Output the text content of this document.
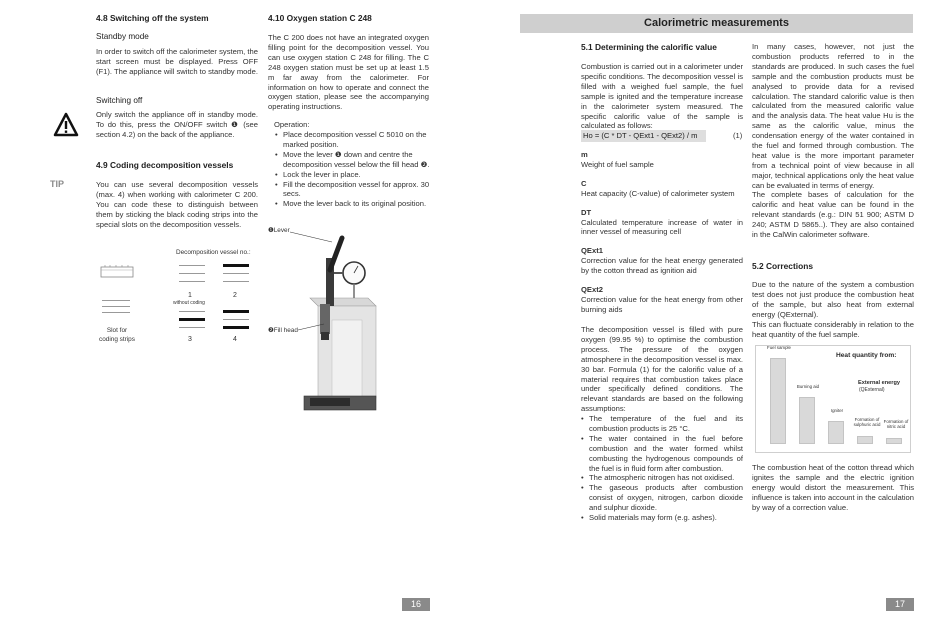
4.8 Switching off the system
Standby mode
In order to switch off the calorimeter system, the start screen must be displayed. Press OFF (F1). The appliance will switch to standby mode.
Switching off
Only switch the appliance off in standby mode. To do this, press the ON/OFF switch ❶ (see section 4.2) on the back of the appliance.
4.9 Coding decomposition vessels
TIP	You can use several decomposition vessels (max. 4) when working with calorimeter C 200. You can code these to distinguish between them by sticking the black coding strips into the special slots on the decomposition vessels.
Decomposition vessel no.:
Slot for
coding strips
1
without coding
2
3	4
4.10 Oxygen station C 248
The C 200 does not have an integrated oxygen filling point for the decomposition vessel. You can use oxygen station C 248 for filling. The C 248 oxygen station must be set up at least 1.5 m far away from the calorimeter. For information on how to operate and connect the oxygen station, please see the accompanying operating instructions.
Operation:
• Place decomposition vessel C 5010 on the marked position.
• Move the lever ❶ down and centre the decomposition vessel below the fill head ❷.
• Lock the lever in place.
• Fill the decomposition vessel for approx. 30 secs.
• Move the lever back to its original position.
❶Lever
❷Fill head
16
Calorimetric measurements
5.1 Determining the calorific value
Combustion is carried out in a calorimeter under specific conditions. The decomposition vessel is filled with a weighed fuel sample, the fuel sample is ignited and the temperature increase in the calorimeter system measured. The specific calorific value of the sample is calculated as follows:
Ho = (C * DT - QExt1 - QExt2) / m	(1)
m
Weight of fuel sample
C
Heat capacity (C-value) of calorimeter system
DT
Calculated temperature increase of water in inner vessel of measuring cell
QExt1
Correction value for the heat energy generated by the cotton thread as ignition aid
QExt2
Correction value for the heat energy from other burning aids
The decomposition vessel is filled with pure oxygen (99.95 %) to optimise the combustion process. The pressure of the oxygen atmosphere in the decomposition vessel is max. 30 bar. Formula (1) for the calorific value of a material requires that combustion takes place under specifically defined conditions. The relevant standards are based on the following assumptions:
• The temperature of the fuel and its combustion products is 25 °C.
• The water contained in the fuel before combustion and the water formed whilst combusting the hydrogenous compounds of the fuel is in fluid form after combustion.
• The atmospheric nitrogen has not oxidised.
• The gaseous products after combustion consist of oxygen, nitrogen, carbon dioxide and sulphur dioxide.
• Solid materials may form (e.g. ashes).
In many cases, however, not just the combustion products referred to in the standards are produced. In such cases the fuel sample and the combustion products must be analysed to provide data for a revised calculation. The standard calorific value is then calculated from the measured calorific value and the analysis data. The heat value Hu is the same as the calorific value, minus the condensation energy of the water contained in the fuel and formed through combustion. The heat value is the more important parameter from a technical point of view because in all major, technical applications only the heat value can be evaluated in terms of energy.
The complete bases of calculation for the calorific and heat value can be found in the relevant standards (e.g.: DIN 51 900; ASTM D 240; ASTM D 5865..). They are also contained in the CalWin calorimeter software.
5.2 Corrections
Due to the nature of the system a combustion test does not just produce the combustion heat of the sample, but also heat from external energy (QExternal).
This can fluctuate considerably in relation to the heat quantity of the fuel sample.
Heat quantity from:
External energy
(QExternal)
Fuel sample
Burning aid
Igniter
Formation of sulphuric acid
Formation of nitric acid
The combustion heat of the cotton thread which ignites the sample and the electric ignition energy would distort the measurement. This influence is taken into account in the calculation by way of a correction value.
17
